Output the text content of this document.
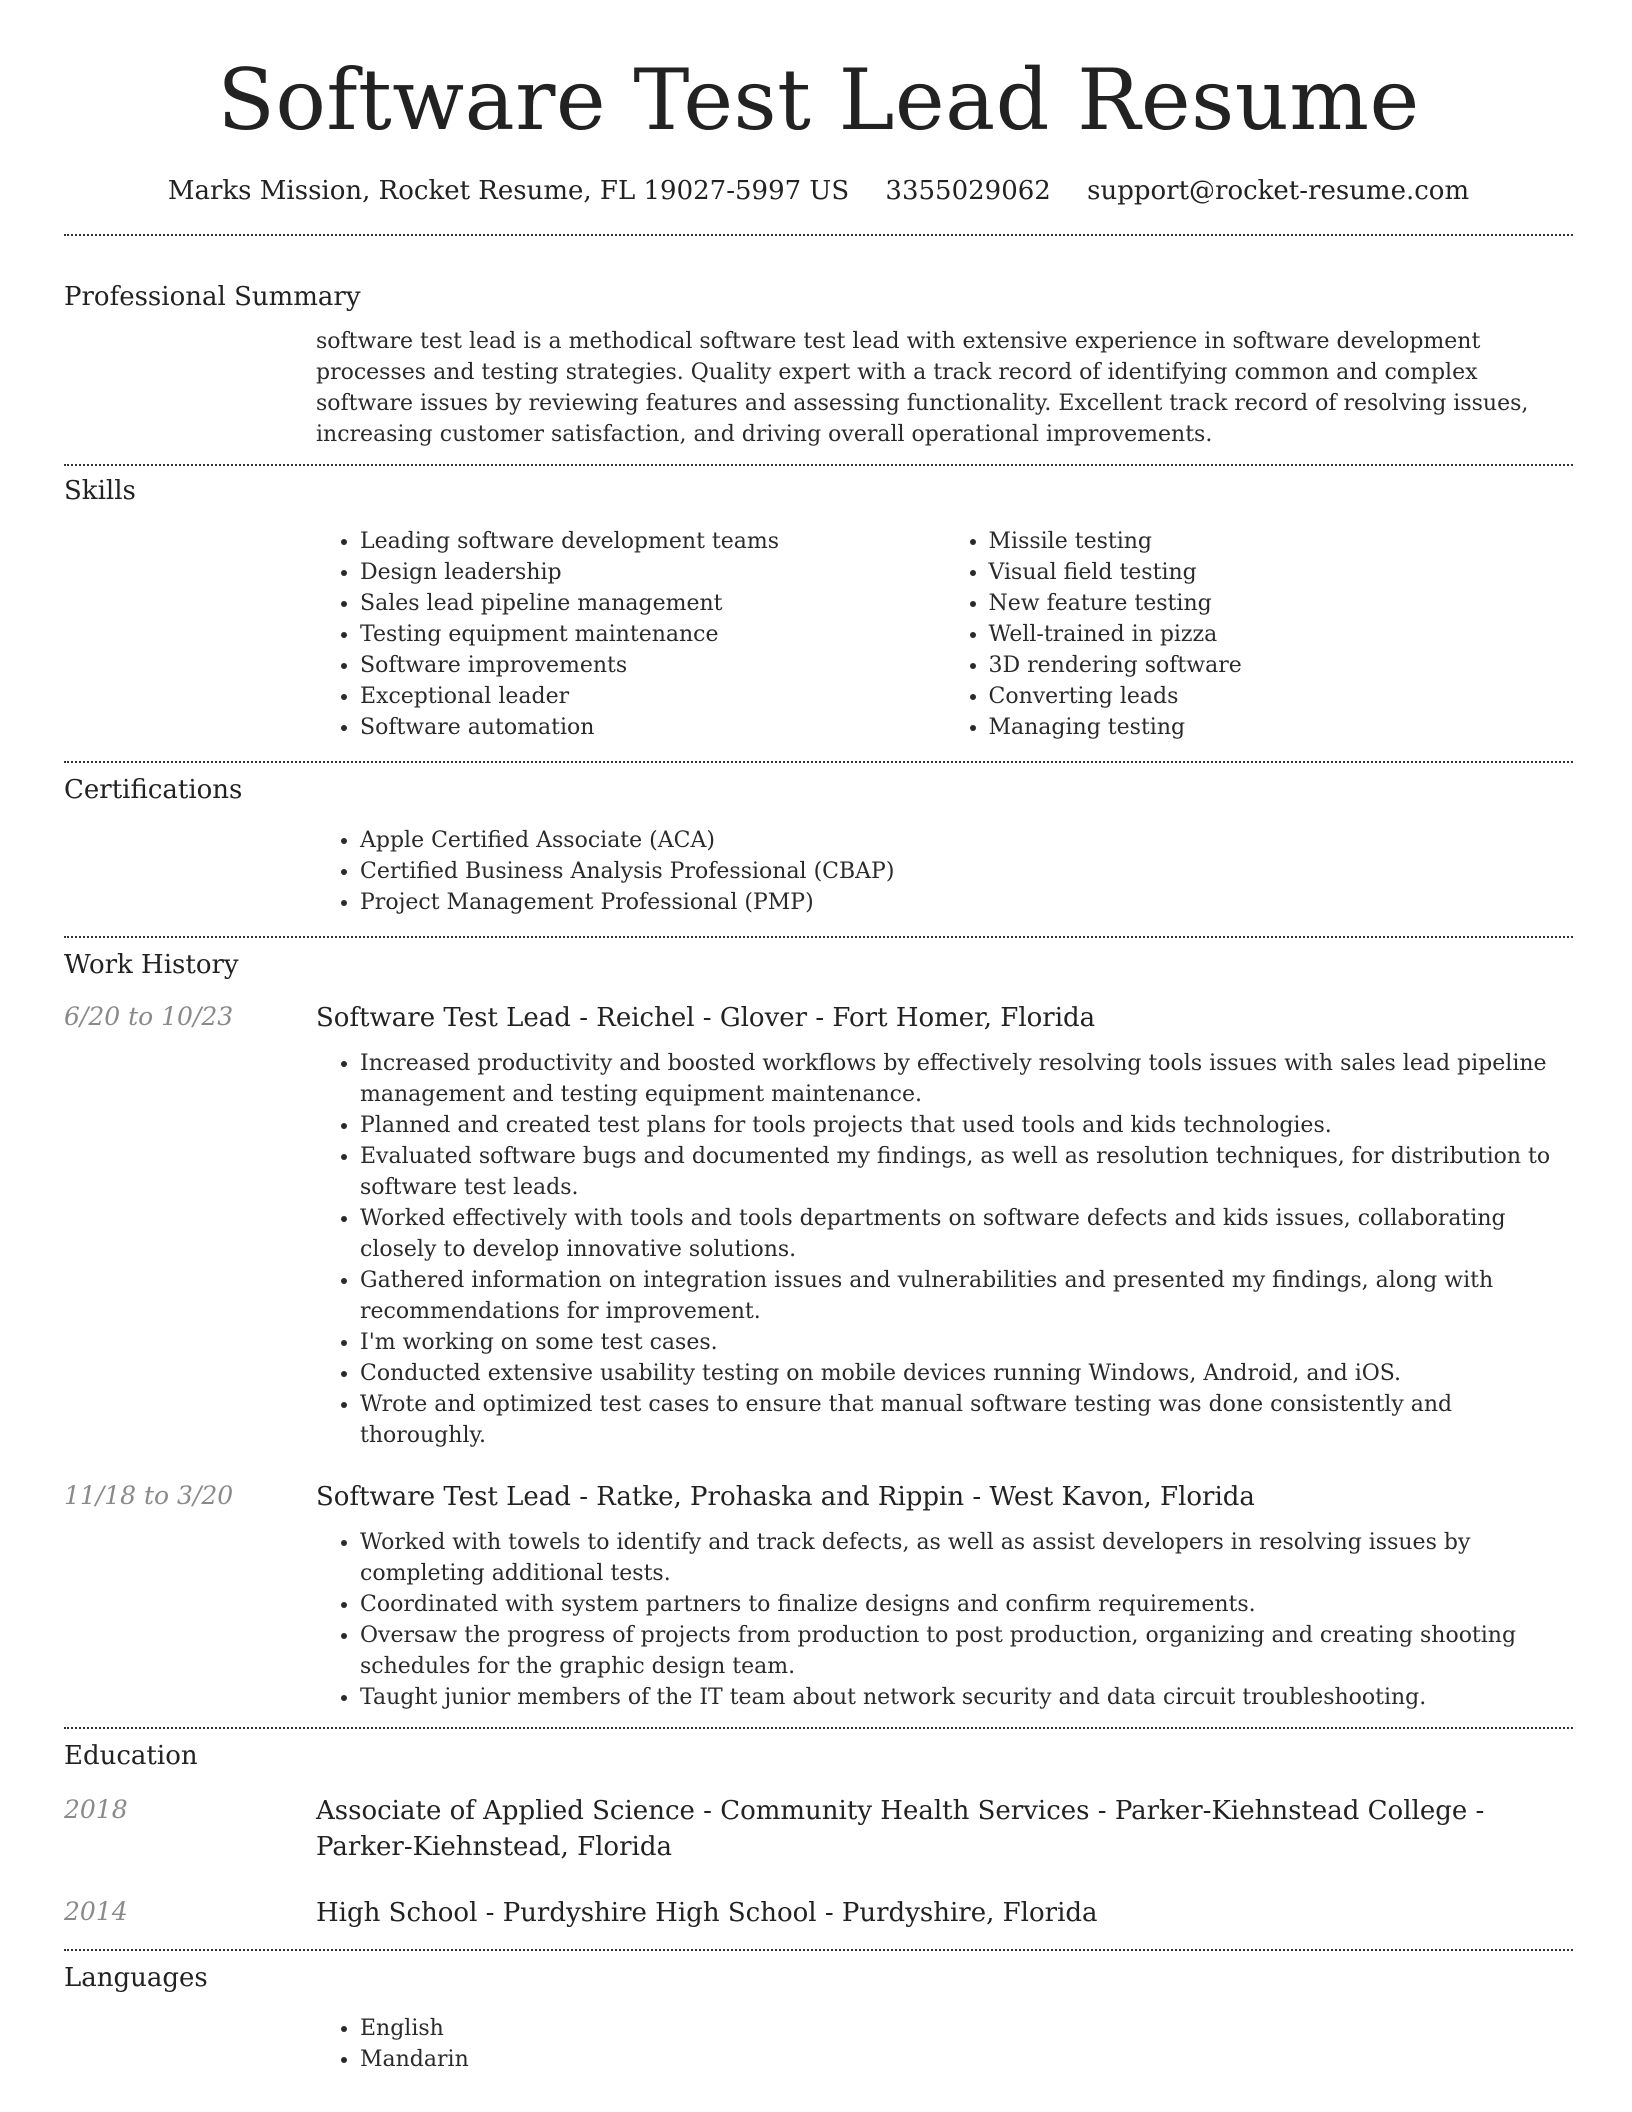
Software Test Lead Resume
Marks Mission, Rocket Resume, FL 19027-5997 US 3355029062 support@rocket-resume.com
Professional Summary
software test lead is a methodical software test lead with extensive experience in software development processes and testing strategies. Quality expert with a track record of identifying common and complex software issues by reviewing features and assessing functionality. Excellent track record of resolving issues, increasing customer satisfaction, and driving overall operational improvements.
Skills
• Leading software development teams
• Design leadership
• Sales lead pipeline management
• Testing equipment maintenance
• Software improvements
• Exceptional leader
• Software automation
• Missile testing
• Visual field testing
• New feature testing
• Well-trained in pizza
• 3D rendering software
• Converting leads
• Managing testing
Certifications
• Apple Certified Associate (ACA)
• Certified Business Analysis Professional (CBAP)
• Project Management Professional (PMP)
Work History
6/20 to 10/23	Software Test Lead - Reichel - Glover - Fort Homer, Florida
• Increased productivity and boosted workflows by effectively resolving tools issues with sales lead pipeline management and testing equipment maintenance.
• Planned and created test plans for tools projects that used tools and kids technologies.
• Evaluated software bugs and documented my findings, as well as resolution techniques, for distribution to software test leads.
• Worked effectively with tools and tools departments on software defects and kids issues, collaborating closely to develop innovative solutions.
• Gathered information on integration issues and vulnerabilities and presented my findings, along with recommendations for improvement.
• I'm working on some test cases.
• Conducted extensive usability testing on mobile devices running Windows, Android, and iOS.
• Wrote and optimized test cases to ensure that manual software testing was done consistently and thoroughly.
11/18 to 3/20	Software Test Lead - Ratke, Prohaska and Rippin - West Kavon, Florida
• Worked with towels to identify and track defects, as well as assist developers in resolving issues by completing additional tests.
• Coordinated with system partners to finalize designs and confirm requirements.
• Oversaw the progress of projects from production to post production, organizing and creating shooting schedules for the graphic design team.
• Taught junior members of the IT team about network security and data circuit troubleshooting.
Education
2018	Associate of Applied Science - Community Health Services - Parker-Kiehnstead College - Parker-Kiehnstead, Florida
2014	High School - Purdyshire High School - Purdyshire, Florida
Languages
• English
• Mandarin
